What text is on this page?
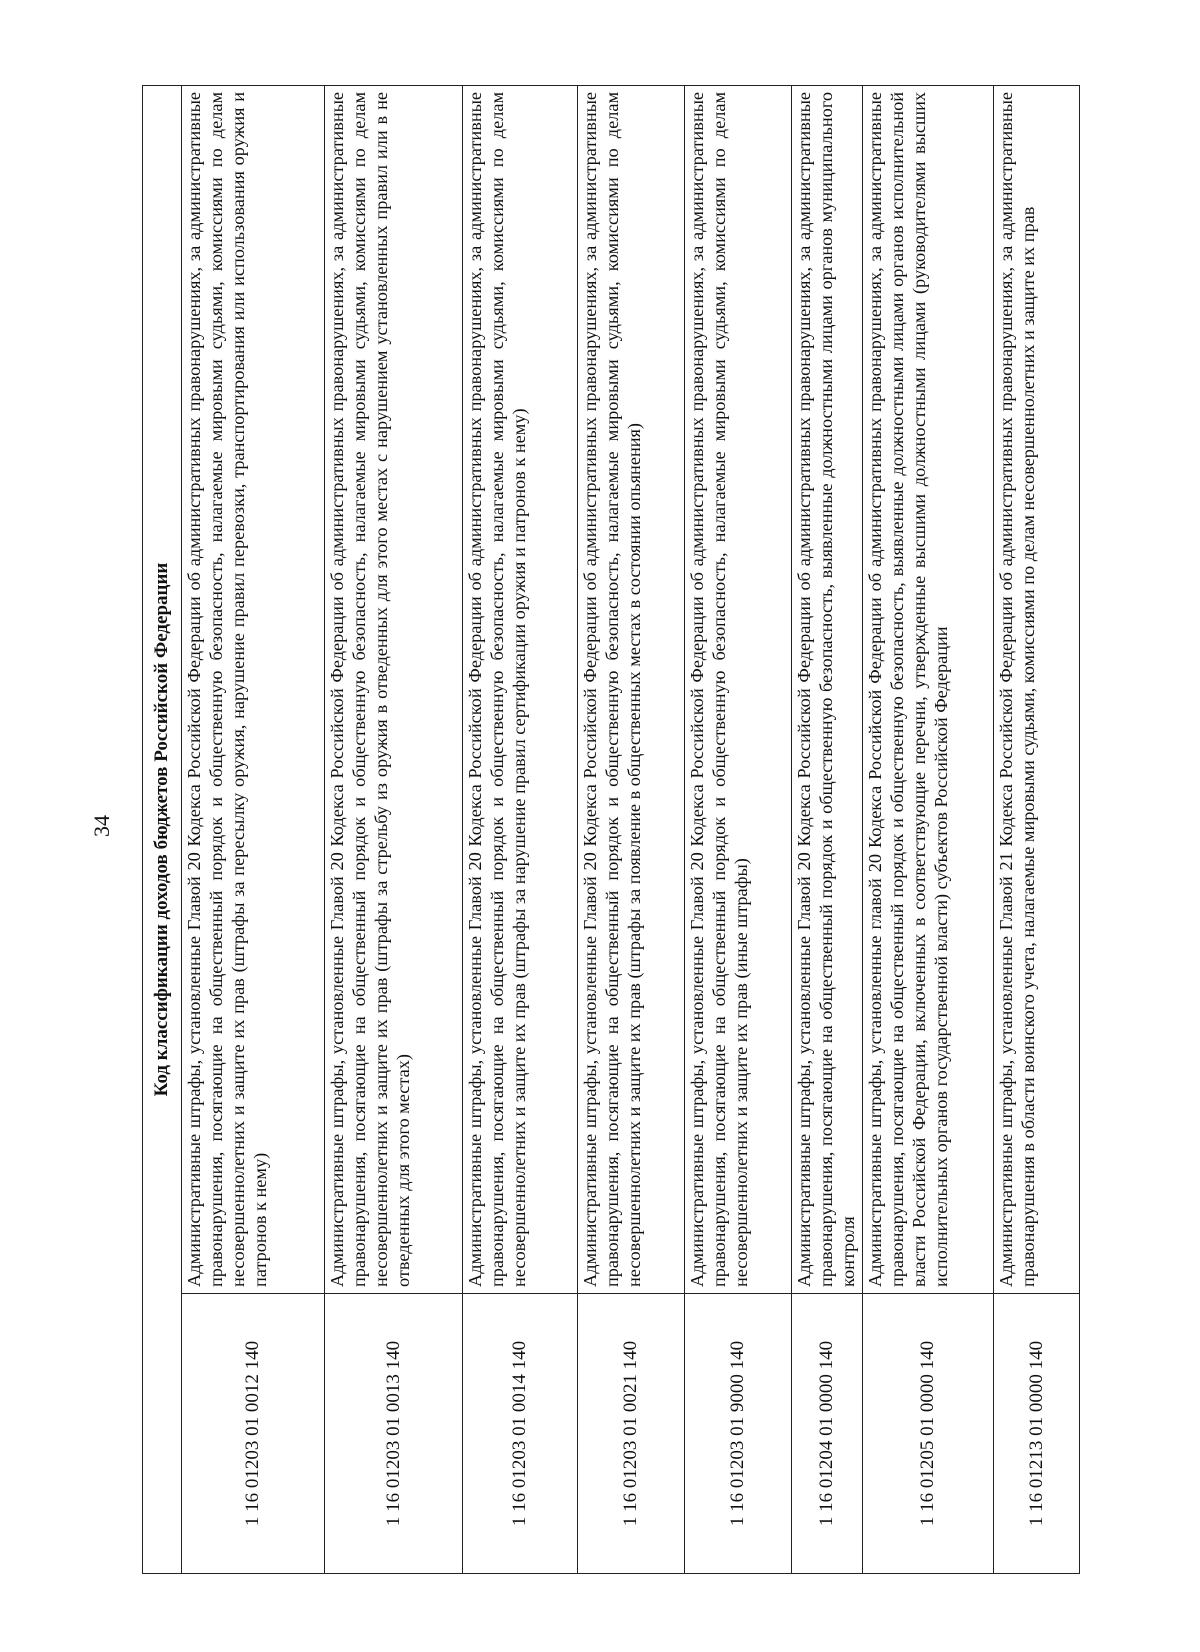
34	Код классификации доходов бюджетов Российской Федерации	
1 16 01203 01 0012 140	Административные штрафы, установленные Главой 20 Кодекса Российской Федерации об административных правонарушениях, за административные правонарушения, посягающие на общественный порядок и общественную безопасность, налагаемые мировыми судьями, комиссиями по делам несовершеннолетних и защите их прав (штрафы за пересылку оружия, нарушение правил перевозки, транспортирования или использования оружия и патронов к нему)
1 16 01203 01 0013 140	Административные штрафы, установленные Главой 20 Кодекса Российской Федерации об административных правонарушениях, за административные правонарушения, посягающие на общественный порядок и общественную безопасность, налагаемые мировыми судьями, комиссиями по делам несовершеннолетних и защите их прав (штрафы за стрельбу из оружия в отведенных для этого местах с нарушением установленных правил или в не отведенных для этого местах)
1 16 01203 01 0014 140	Административные штрафы, установленные Главой 20 Кодекса Российской Федерации об административных правонарушениях, за административные правонарушения, посягающие на общественный порядок и общественную безопасность, налагаемые мировыми судьями, комиссиями по делам несовершеннолетних и защите их прав (штрафы за нарушение правил сертификации оружия и патронов к нему)
1 16 01203 01 0021 140	Административные штрафы, установленные Главой 20 Кодекса Российской Федерации об административных правонарушениях, за административные правонарушения, посягающие на общественный порядок и общественную безопасность, налагаемые мировыми судьями, комиссиями по делам несовершеннолетних и защите их прав (штрафы за появление в общественных местах в состоянии опьянения)
1 16 01203 01 9000 140	Административные штрафы, установленные Главой 20 Кодекса Российской Федерации об административных правонарушениях, за административные правонарушения, посягающие на общественный порядок и общественную безопасность, налагаемые мировыми судьями, комиссиями по делам несовершеннолетних и защите их прав (иные штрафы)
1 16 01204 01 0000 140	Административные штрафы, установленные Главой 20 Кодекса Российской Федерации об административных правонарушениях, за административные правонарушения, посягающие на общественный порядок и общественную безопасность, выявленные должностными лицами органов муниципального контроля
1 16 01205 01 0000 140	Административные штрафы, установленные главой 20 Кодекса Российской Федерации об административных правонарушениях, за административные правонарушения, посягающие на общественный порядок и общественную безопасность, выявленные должностными лицами органов исполнительной власти Российской Федерации, включенных в соответствующие перечни, утвержденные высшими должностными лицами (руководителями высших исполнительных органов государственной власти) субъектов Российской Федерации
1 16 01213 01 0000 140	Административные штрафы, установленные Главой 21 Кодекса Российской Федерации об административных правонарушениях, за административные правонарушения в области воинского учета, налагаемые мировыми судьями, комиссиями по делам несовершеннолетних и защите их прав
